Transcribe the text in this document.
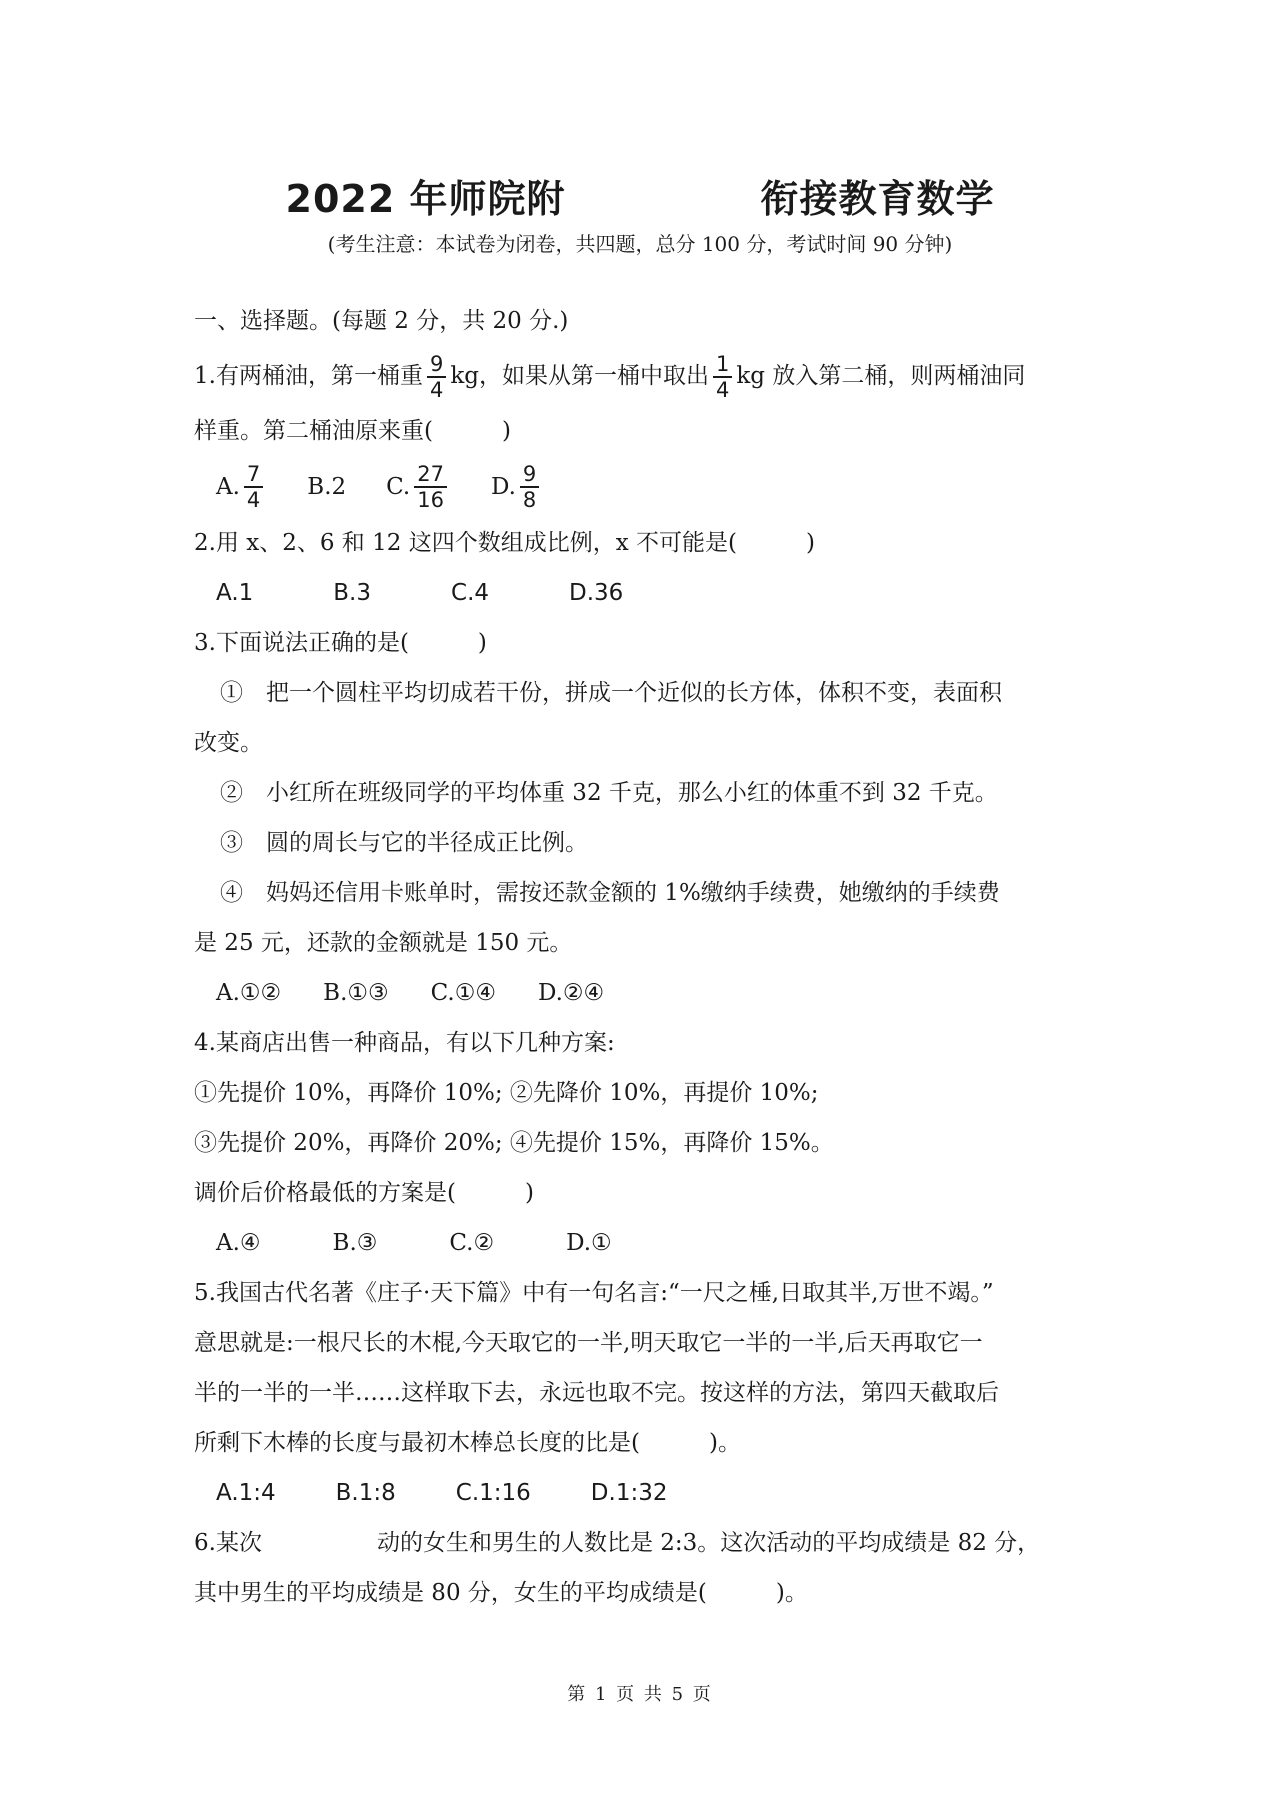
2022 年师院附　　　　　衔接教育数学
(考生注意：本试卷为闭卷，共四题，总分 100 分，考试时间 90 分钟)
一、选择题。(每题 2 分，共 20 分.)
1.有两桶油，第一桶重 $\frac{9}{4}$ kg，如果从第一桶中取出 $\frac{1}{4}$ kg 放入第二桶，则两桶油同
样重。第二桶油原来重(　　　)
A. $\frac{7}{4} B.2$ C. $\frac{27}{16} D$. $\frac{9}{8}$
2.用 x、2、6 和 12 这四个数组成比例，x 不可能是(　　　)
A.1	B.3	C.4	D.36
3.下面说法正确的是(　　　)
①　把一个圆柱平均切成若干份，拼成一个近似的长方体，体积不变，表面积
改变。
②　小红所在班级同学的平均体重 32 千克，那么小红的体重不到 32 千克。
③　圆的周长与它的半径成正比例。
④　妈妈还信用卡账单时，需按还款金额的 1%缴纳手续费，她缴纳的手续费
是 25 元，还款的金额就是 150 元。
A.①② B.①③ C.①④ D.②④
4.某商店出售一种商品，有以下几种方案:
①先提价 10%，再降价 10%; ②先降价 10%，再提价 10%;
③先提价 20%，再降价 20%; ④先提价 15%，再降价 15%。
调价后价格最低的方案是(　　　)
A.④	B.③	C.②	D.①
5.我国古代名著《庄子·天下篇》中有一句名言:“一尺之棰,日取其半,万世不竭。”
意思就是:一根尺长的木棍,今天取它的一半,明天取它一半的一半,后天再取它一
半的一半的一半……这样取下去，永远也取不完。按这样的方法，第四天截取后
所剩下木棒的长度与最初木棒总长度的比是(　　　)。
A.1:4	B.1:8	C.1:16	D.1:32
6.某次　　　　　动的女生和男生的人数比是 2:3。这次活动的平均成绩是 82 分，
其中男生的平均成绩是 80 分，女生的平均成绩是(　　　)。
第 1 页 共 5 页
